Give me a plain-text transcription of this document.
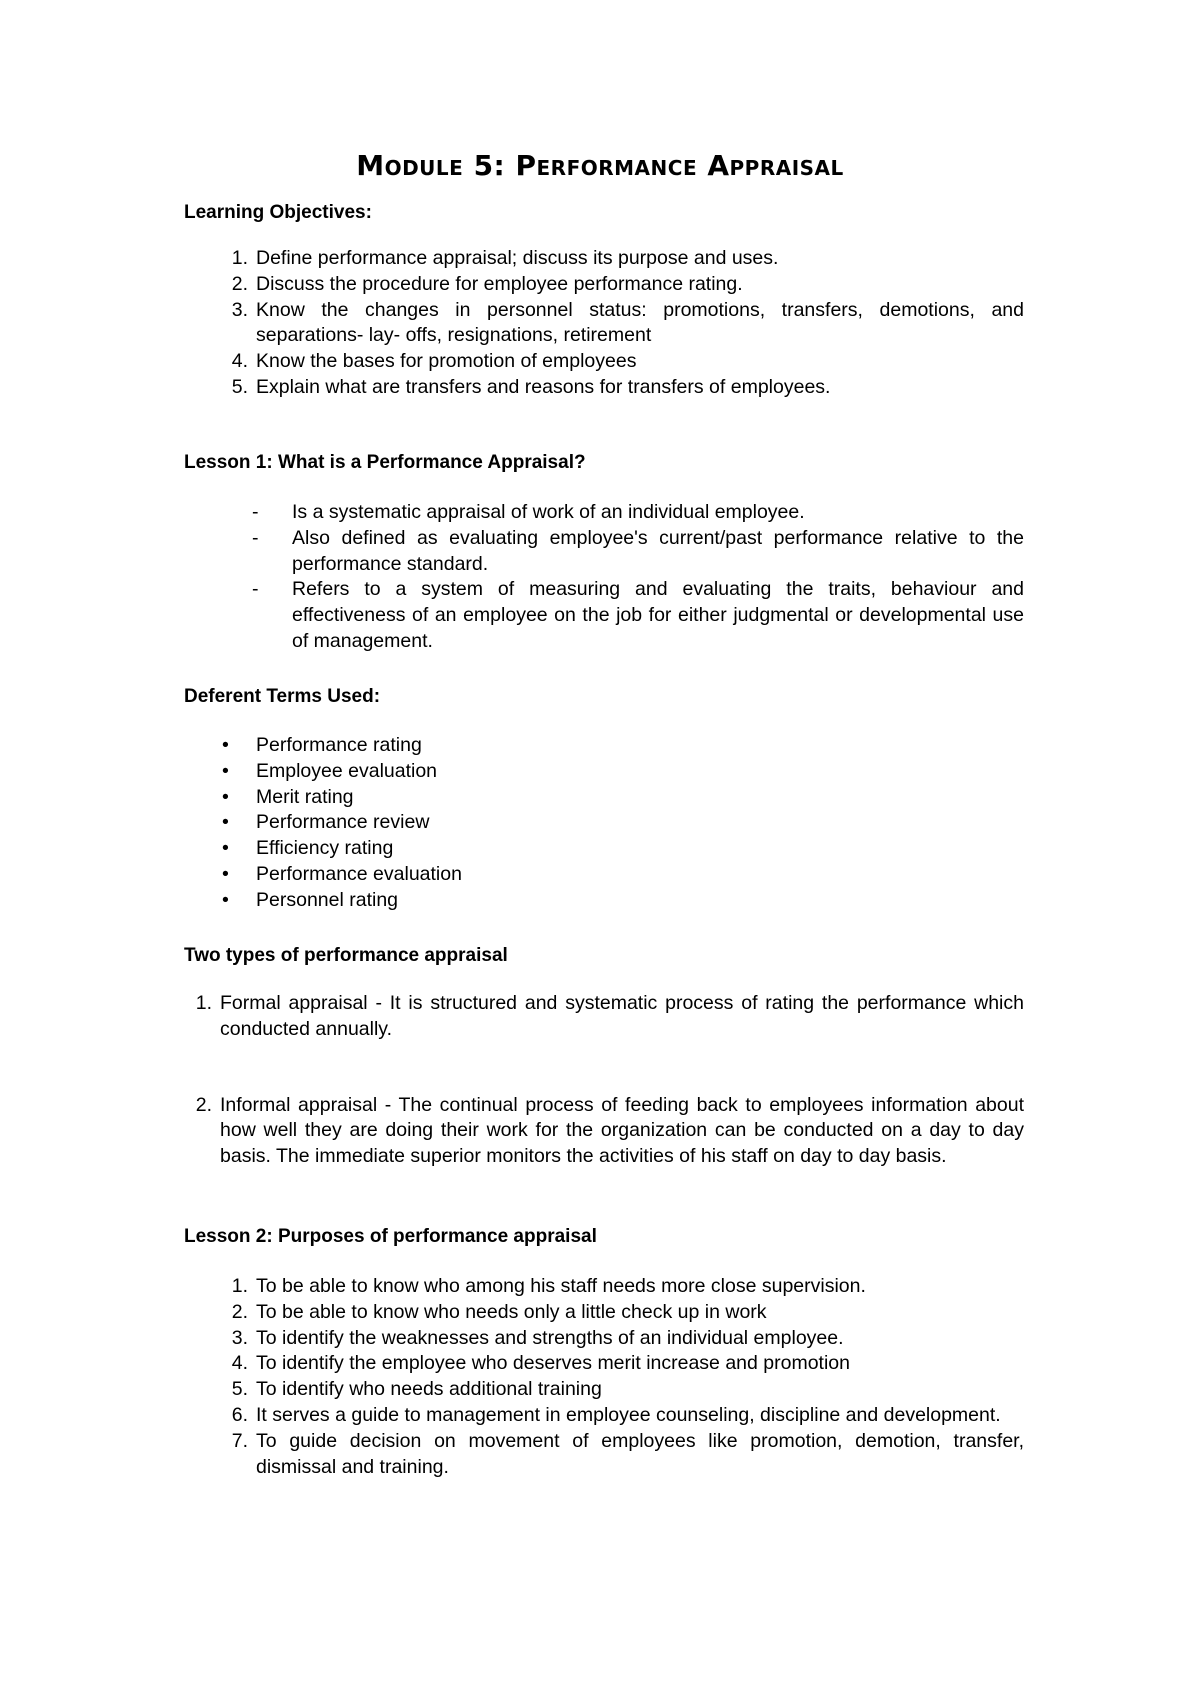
Module 5: Performance Appraisal
Learning Objectives:
1. Define performance appraisal; discuss its purpose and uses.
2. Discuss the procedure for employee performance rating.
3. Know the changes in personnel status: promotions, transfers, demotions, and separations- lay- offs, resignations, retirement
4. Know the bases for promotion of employees
5. Explain what are transfers and reasons for transfers of employees.
Lesson 1: What is a Performance Appraisal?
-	Is a systematic appraisal of work of an individual employee.
-	Also defined as evaluating employee's current/past performance relative to the performance standard.
-	Refers to a system of measuring and evaluating the traits, behaviour and effectiveness of an employee on the job for either judgmental or developmental use of management.
Deferent Terms Used:
•	Performance rating
•	Employee evaluation
•	Merit rating
•	Performance review
•	Efficiency rating
•	Performance evaluation
•	Personnel rating
Two types of performance appraisal
1. Formal appraisal - It is structured and systematic process of rating the performance which conducted annually.
2. Informal appraisal - The continual process of feeding back to employees information about how well they are doing their work for the organization can be conducted on a day to day basis. The immediate superior monitors the activities of his staff on day to day basis.
Lesson 2: Purposes of performance appraisal
1. To be able to know who among his staff needs more close supervision.
2. To be able to know who needs only a little check up in work
3. To identify the weaknesses and strengths of an individual employee.
4. To identify the employee who deserves merit increase and promotion
5. To identify who needs additional training
6. It serves a guide to management in employee counseling, discipline and development.
7. To guide decision on movement of employees like promotion, demotion, transfer, dismissal and training.
